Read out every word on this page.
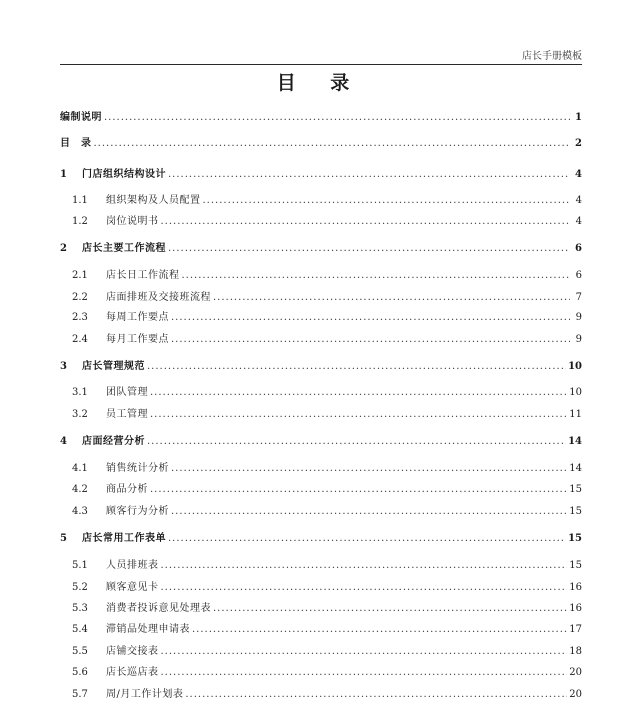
店长手册模板
目 录
编制说明 .....	1
目　录 .....	2
1	门店组织结构设计 .....	4
1.1	组织架构及人员配置 .....	4
1.2	岗位说明书 .....	4
2	店长主要工作流程 .....	6
2.1	店长日工作流程 .....	6
2.2	店面排班及交接班流程 .....	7
2.3	每周工作要点 .....	9
2.4	每月工作要点 .....	9
3	店长管理规范 .....	10
3.1	团队管理 .....	10
3.2	员工管理 .....	11
4	店面经营分析 .....	14
4.1	销售统计分析 .....	14
4.2	商品分析 .....	15
4.3	顾客行为分析 .....	15
5	店长常用工作表单 .....	15
5.1	人员排班表 .....	15
5.2	顾客意见卡 .....	16
5.3	消费者投诉意见处理表 .....	16
5.4	滞销品处理申请表 .....	17
5.5	店铺交接表 .....	18
5.6	店长巡店表 .....	20
5.7	周/月工作计划表 .....	20
